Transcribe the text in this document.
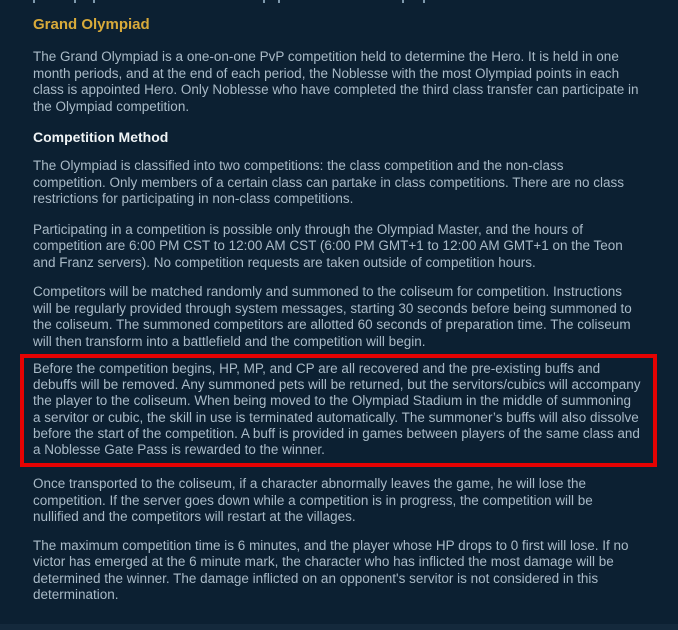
Grand Olympiad

The Grand Olympiad is a one-on-one PvP competition held to determine the Hero. It is held in one month periods, and at the end of each period, the Noblesse with the most Olympiad points in each class is appointed Hero. Only Noblesse who have completed the third class transfer can participate in the Olympiad competition.

Competition Method

The Olympiad is classified into two competitions: the class competition and the non-class competition. Only members of a certain class can partake in class competitions. There are no class restrictions for participating in non-class competitions.

Participating in a competition is possible only through the Olympiad Master, and the hours of competition are 6:00 PM CST to 12:00 AM CST (6:00 PM GMT+1 to 12:00 AM GMT+1 on the Teon and Franz servers). No competition requests are taken outside of competition hours.

Competitors will be matched randomly and summoned to the coliseum for competition. Instructions will be regularly provided through system messages, starting 30 seconds before being summoned to the coliseum. The summoned competitors are allotted 60 seconds of preparation time. The coliseum will then transform into a battlefield and the competition will begin.

Before the competition begins, HP, MP, and CP are all recovered and the pre-existing buffs and debuffs will be removed. Any summoned pets will be returned, but the servitors/cubics will accompany the player to the coliseum. When being moved to the Olympiad Stadium in the middle of summoning a servitor or cubic, the skill in use is terminated automatically. The summoner’s buffs will also dissolve before the start of the competition. A buff is provided in games between players of the same class and a Noblesse Gate Pass is rewarded to the winner.

Once transported to the coliseum, if a character abnormally leaves the game, he will lose the competition. If the server goes down while a competition is in progress, the competition will be nullified and the competitors will restart at the villages.

The maximum competition time is 6 minutes, and the player whose HP drops to 0 first will lose. If no victor has emerged at the 6 minute mark, the character who has inflicted the most damage will be determined the winner. The damage inflicted on an opponent's servitor is not considered in this determination.
